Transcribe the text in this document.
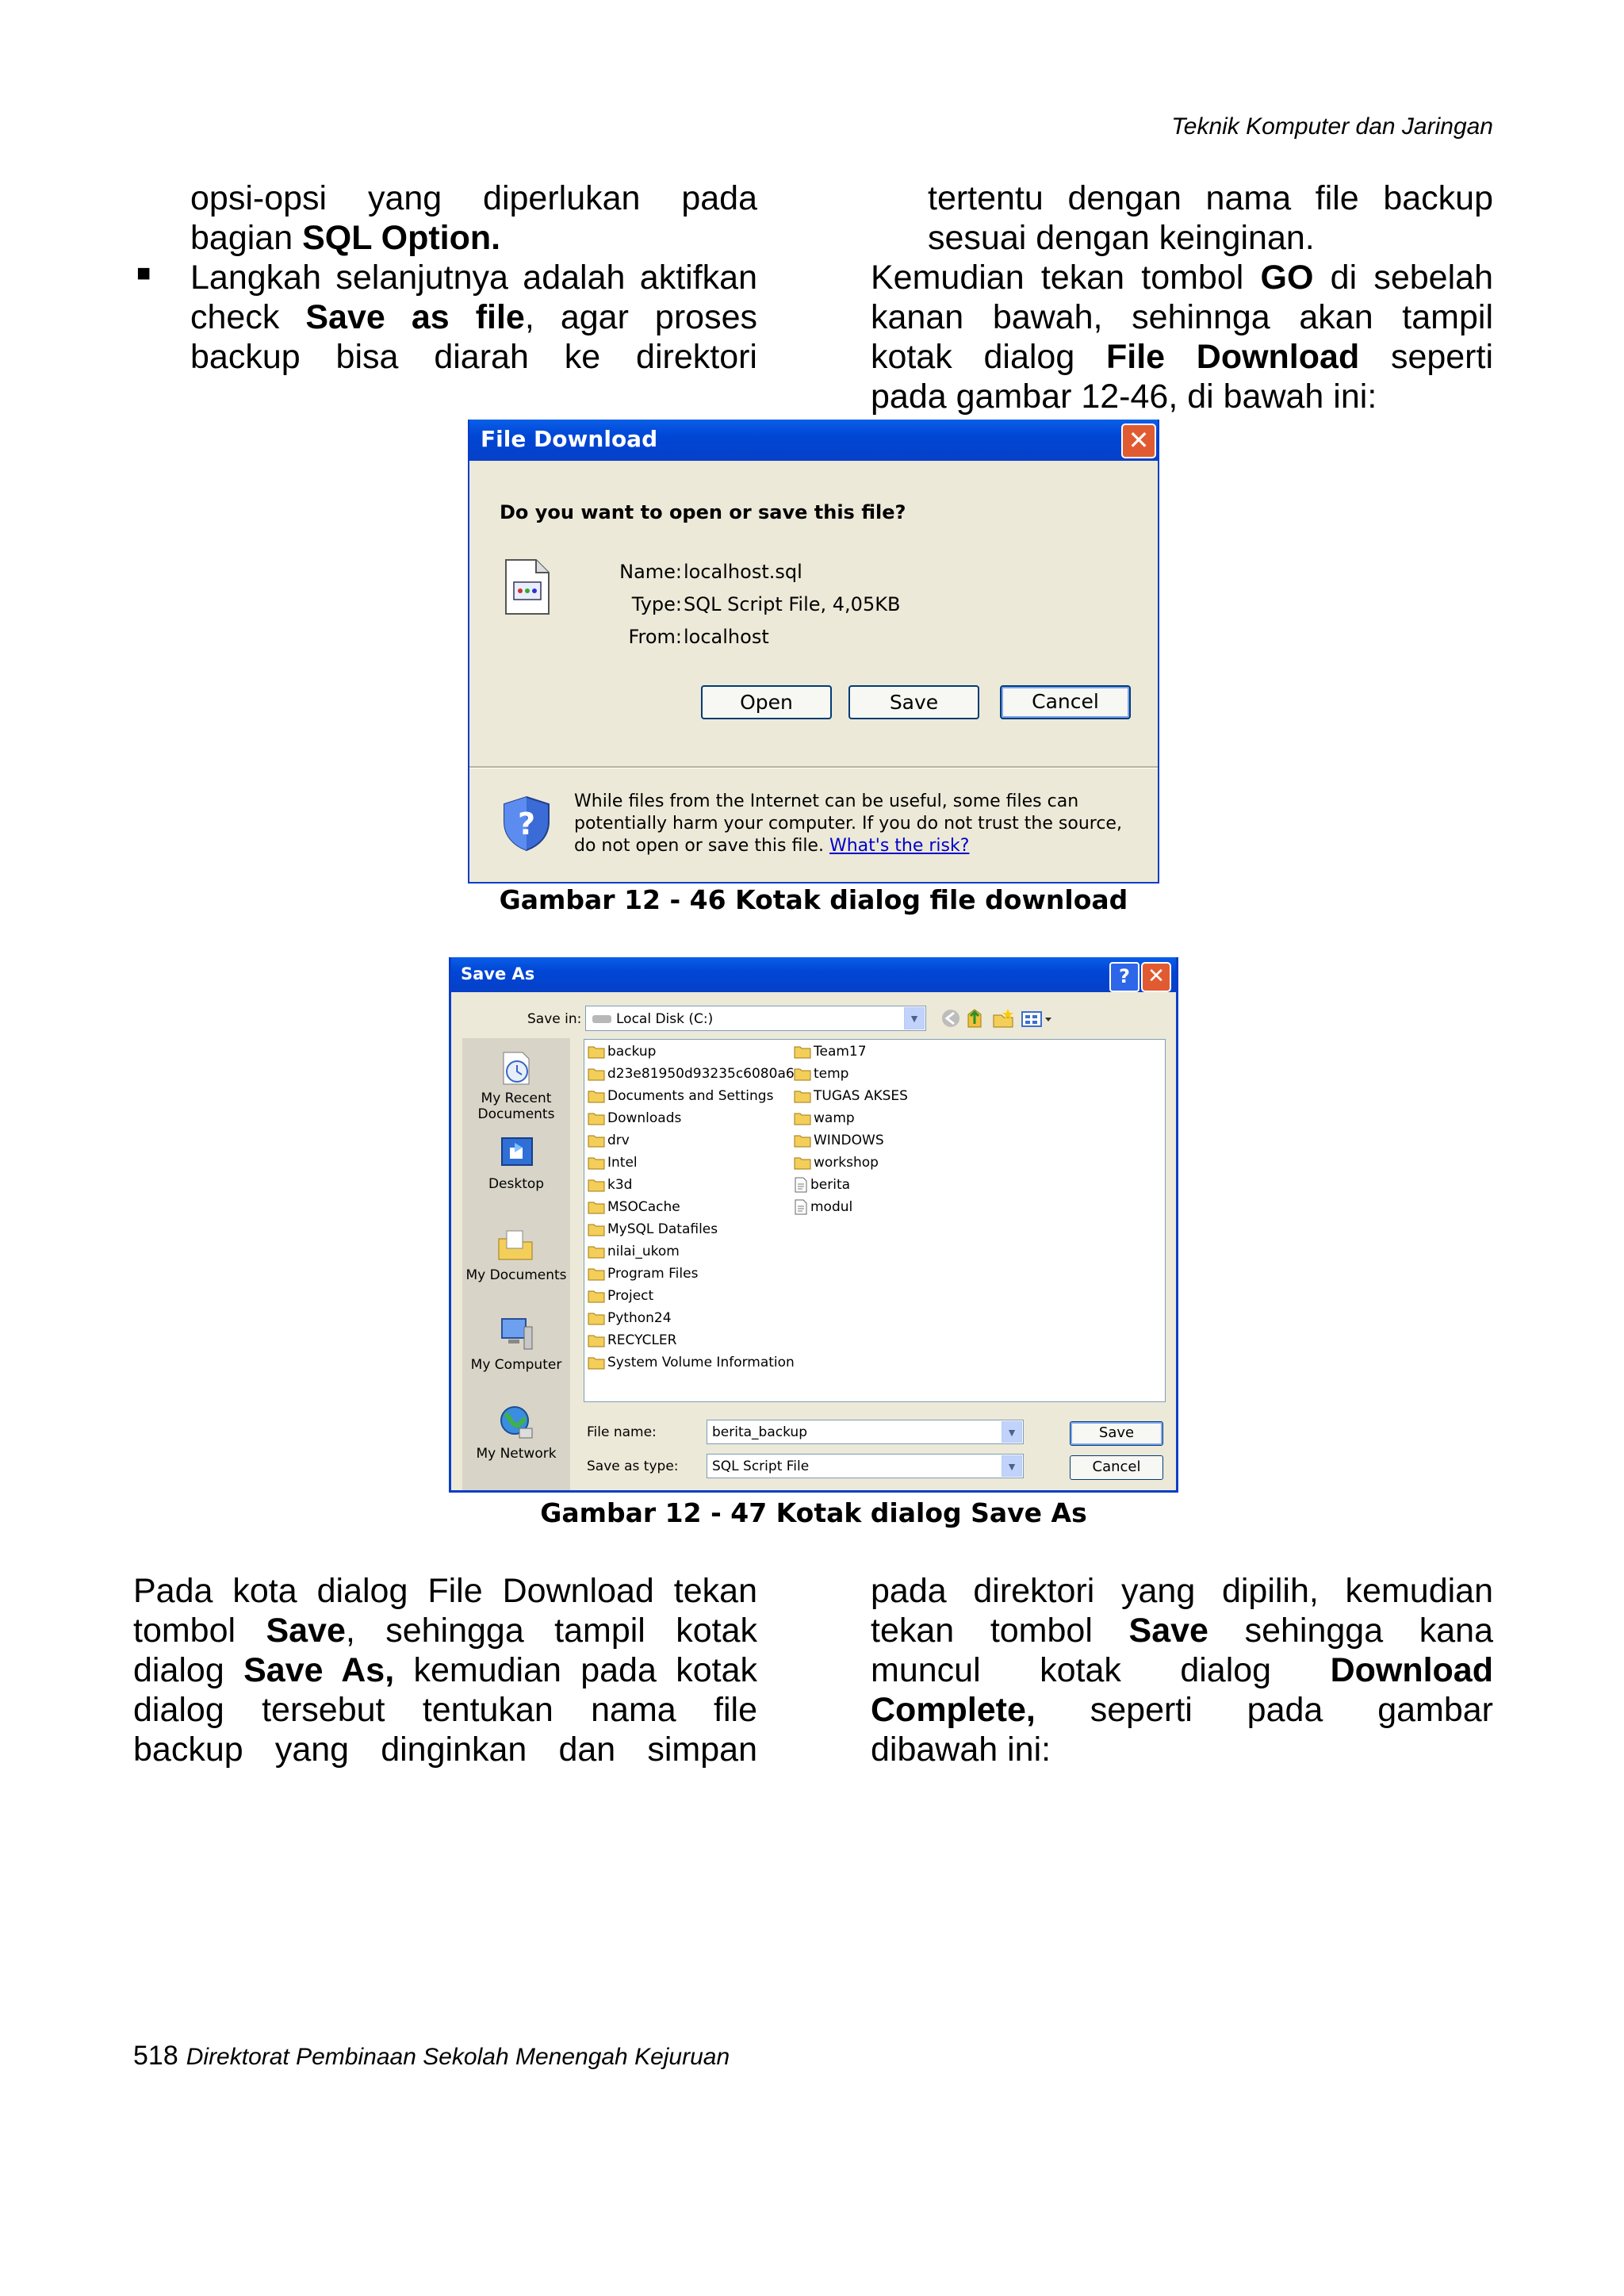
Teknik Komputer dan Jaringan
opsi-opsi yang diperlukan pada
bagian SQL Option.
Langkah selanjutnya adalah aktifkan
check Save as file, agar proses
backup bisa diarah ke direktori
■
tertentu dengan nama file backup
sesuai dengan keinginan.
Kemudian tekan tombol GO di sebelah
kanan bawah, sehinnga akan tampil
kotak dialog File Download seperti
pada gambar 12-46, di bawah ini:
File Download	✕
Do you want to open or save this file?
Name: localhost.sql
Type: SQL Script File, 4,05KB
From: localhost
Open	Save	Cancel
?
While files from the Internet can be useful, some files can potentially harm your computer. If you do not trust the source, do not open or save this file. What's the risk?
Gambar 12 - 46 Kotak dialog file download
Save As	? ✕
Save in:	Local Disk (C:)	▼
My Recent Documents
Desktop
My Documents
My Computer
My Network
backup
d23e81950d93235c6080a6
Documents and Settings
Downloads
drv
Intel
k3d
MSOCache
MySQL Datafiles
nilai_ukom
Program Files
Project
Python24
RECYCLER
System Volume Information
Team17
temp
TUGAS AKSES
wamp
WINDOWS
workshop
berita
modul
File name:	berita_backup	▼
Save as type: SQL Script File	▼
Save
Cancel
Gambar 12 - 47 Kotak dialog Save As
Pada kota dialog File Download tekan
tombol Save, sehingga tampil kotak
dialog Save As, kemudian pada kotak
dialog tersebut tentukan nama file
backup yang dinginkan dan simpan
pada direktori yang dipilih, kemudian
tekan tombol Save sehingga kana
muncul kotak dialog Download
Complete, seperti pada gambar
dibawah ini:
518 Direktorat Pembinaan Sekolah Menengah Kejuruan
